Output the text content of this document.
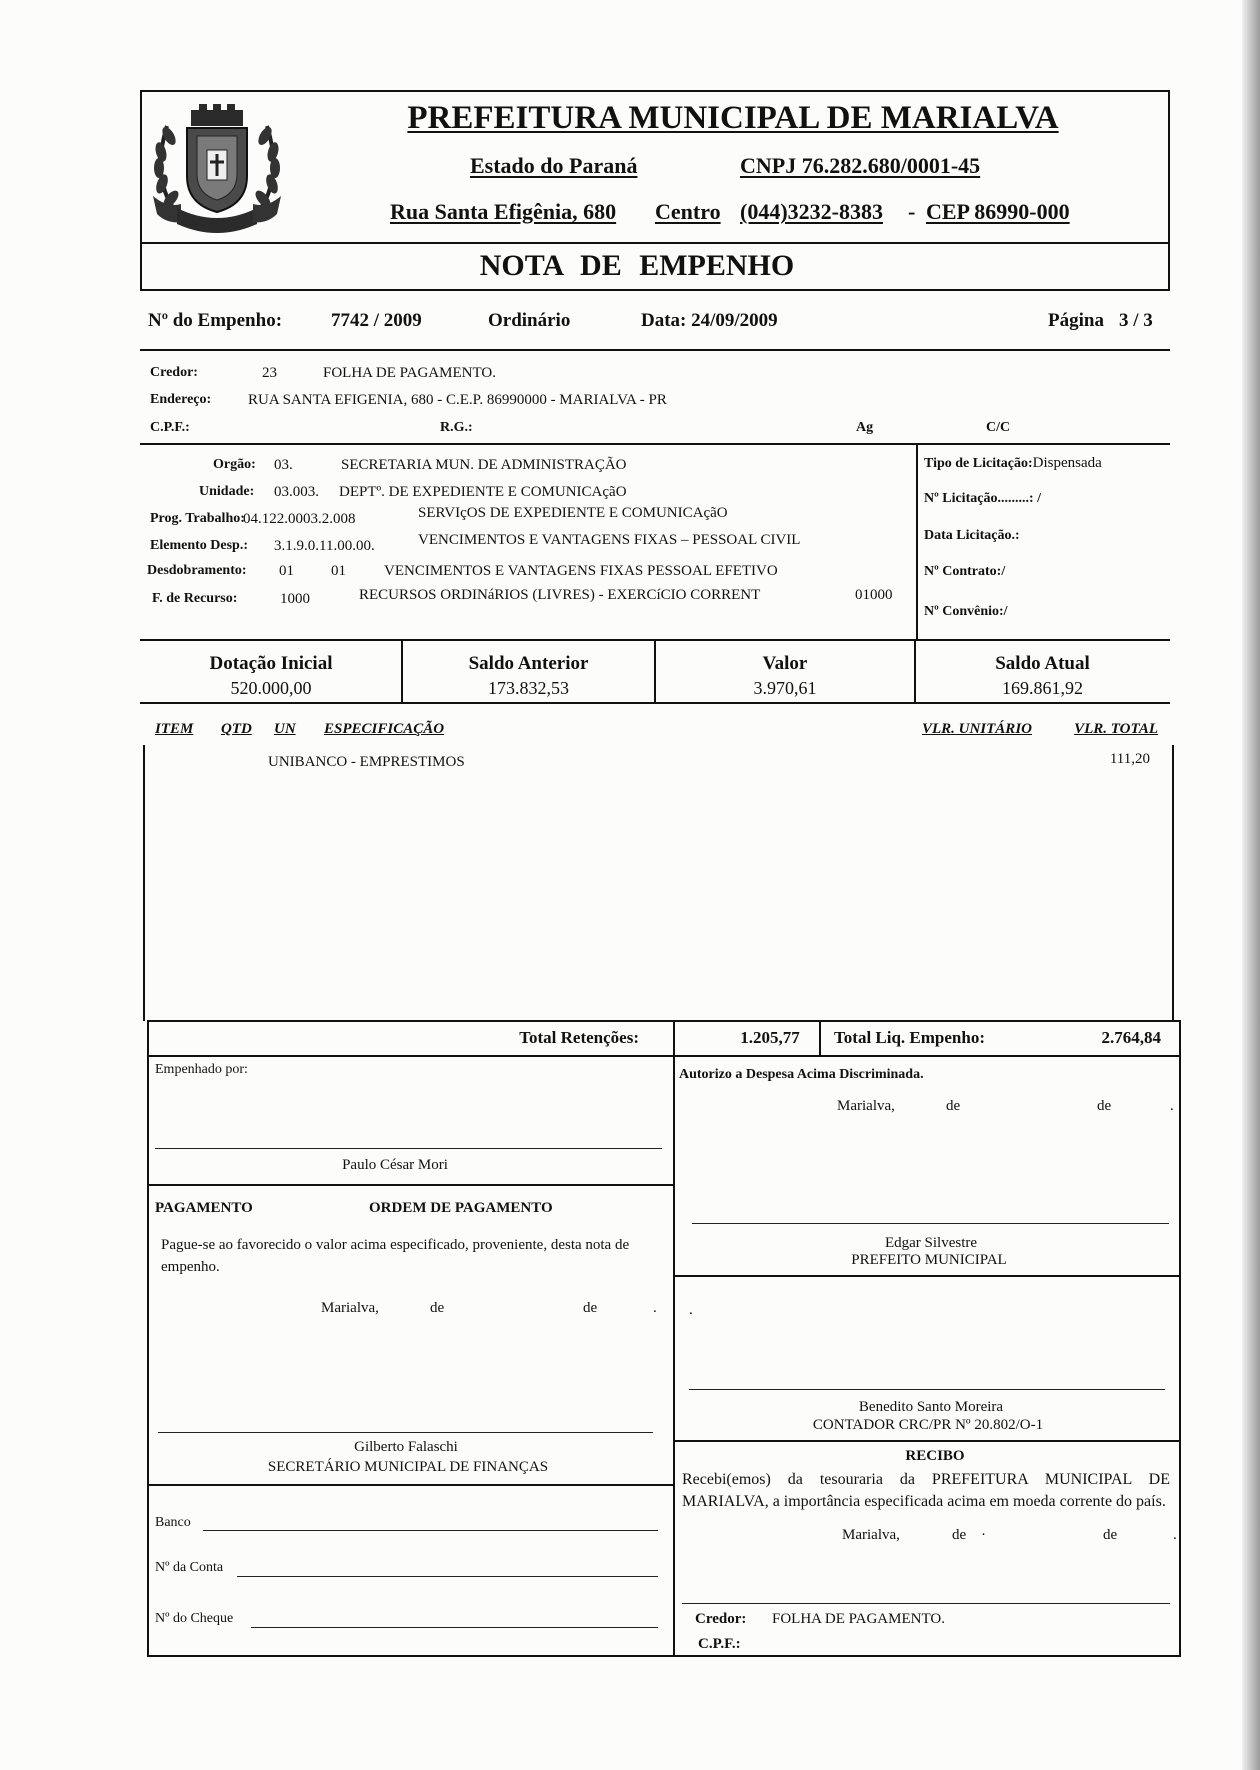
PREFEITURA MUNICIPAL DE MARIALVA
Estado do Paraná	CNPJ 76.282.680/0001-45
Rua Santa Efigênia, 680 Centro (044)3232-8383 - CEP 86990-000
NOTA DE EMPENHO
Nº do Empenho:	7742 / 2009	Ordinário	Data: 24/09/2009	Página 3 / 3
Credor:	23	FOLHA DE PAGAMENTO.
Endereço: RUA SANTA EFIGENIA, 680 - C.E.P. 86990000 - MARIALVA - PR
C.P.F.:	R.G.:	Ag	C/C
Orgão: 03.	SECRETARIA MUN. DE ADMINISTRAÇÃO
Unidade: 03.003. DEPTº. DE EXPEDIENTE E COMUNICAçãO
Prog. Trabalho:
04.122.0003.2.008	SERVIçOS DE EXPEDIENTE E COMUNICAçãO
Elemento Desp.: 3.1.9.0.11.00.00.	VENCIMENTOS E VANTAGENS FIXAS – PESSOAL CIVIL
Desdobramento: 01 01	VENCIMENTOS E VANTAGENS FIXAS PESSOAL EFETIVO
F. de Recurso:	1000	RECURSOS ORDINáRIOS (LIVRES) - EXERCíCIO CORRENT	01000
Tipo de Licitação:Dispensada
Nº Licitação.........: /
Data Licitação.:
Nº Contrato:/
Nº Convênio:/
Dotação Inicial
520.000,00
Saldo Anterior
173.832,53
Valor
3.970,61
Saldo Atual
169.861,92
ITEM QTD UN ESPECIFICAÇÃO	VLR. UNITÁRIO	VLR. TOTAL
UNIBANCO - EMPRESTIMOS	111,20
Total Retenções:	1.205,77	Total Liq. Empenho:	2.764,84
Empenhado por:
Paulo César Mori
PAGAMENTO	ORDEM DE PAGAMENTO
Pague-se ao favorecido o valor acima especificado, proveniente, desta nota de empenho.
Marialva,	de	de	.
Gilberto Falaschi
SECRETÁRIO MUNICIPAL DE FINANÇAS
Banco
Nº da Conta
Nº do Cheque
Autorizo a Despesa Acima Discriminada.
Marialva,	de	de	.
Edgar Silvestre
PREFEITO MUNICIPAL
.
Benedito Santo Moreira
CONTADOR CRC/PR Nº 20.802/O-1
RECIBO
Recebi(emos) da tesouraria da PREFEITURA MUNICIPAL DE MARIALVA, a importância especificada acima em moeda corrente do país.
Marialva,	de ·	de	.
Credor: FOLHA DE PAGAMENTO.
C.P.F.:
